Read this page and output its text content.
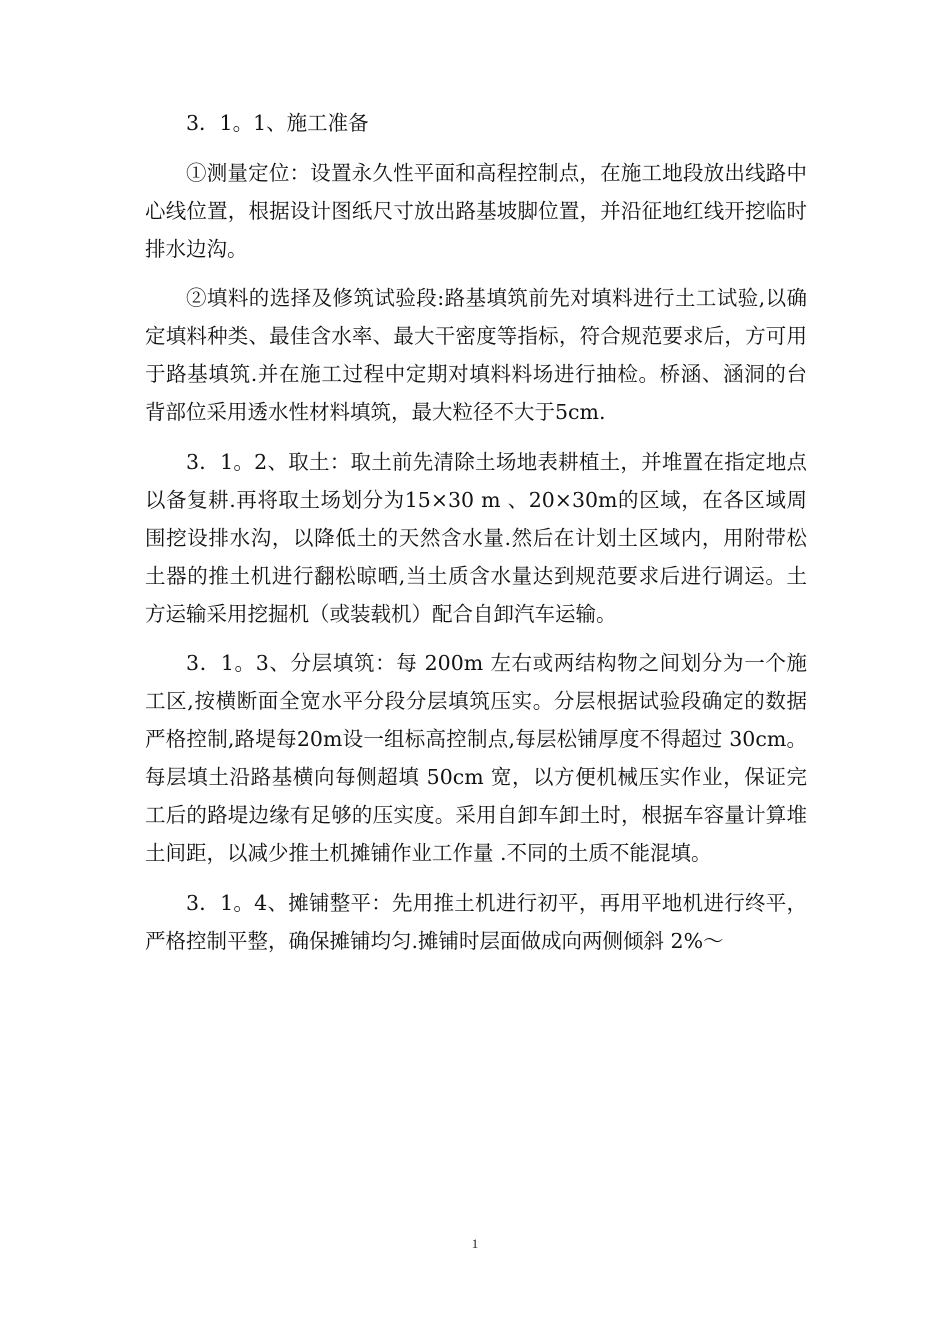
3．1。1、施工准备

①测量定位：设置永久性平面和高程控制点，在施工地段放出线路中心线位置，根据设计图纸尺寸放出路基坡脚位置，并沿征地红线开挖临时排水边沟。

②填料的选择及修筑试验段:路基填筑前先对填料进行土工试验,以确定填料种类、最佳含水率、最大干密度等指标，符合规范要求后，方可用于路基填筑.并在施工过程中定期对填料料场进行抽检。桥涵、涵洞的台背部位采用透水性材料填筑，最大粒径不大于5cm.

3．1。2、取土：取土前先清除土场地表耕植土，并堆置在指定地点以备复耕.再将取土场划分为15×30 m 、20×30m的区域，在各区域周围挖设排水沟，以降低土的天然含水量.然后在计划土区域内，用附带松土器的推土机进行翻松晾晒,当土质含水量达到规范要求后进行调运。土方运输采用挖掘机（或装载机）配合自卸汽车运输。

3．1。3、分层填筑：每 200m 左右或两结构物之间划分为一个施工区,按横断面全宽水平分段分层填筑压实。分层根据试验段确定的数据严格控制,路堤每20m设一组标高控制点,每层松铺厚度不得超过 30cm。每层填土沿路基横向每侧超填 50cm 宽，以方便机械压实作业，保证完工后的路堤边缘有足够的压实度。采用自卸车卸土时，根据车容量计算堆土间距，以减少推土机摊铺作业工作量 .不同的土质不能混填。

3．1。4、摊铺整平：先用推土机进行初平，再用平地机进行终平，严格控制平整，确保摊铺均匀.摊铺时层面做成向两侧倾斜 2%～

1
